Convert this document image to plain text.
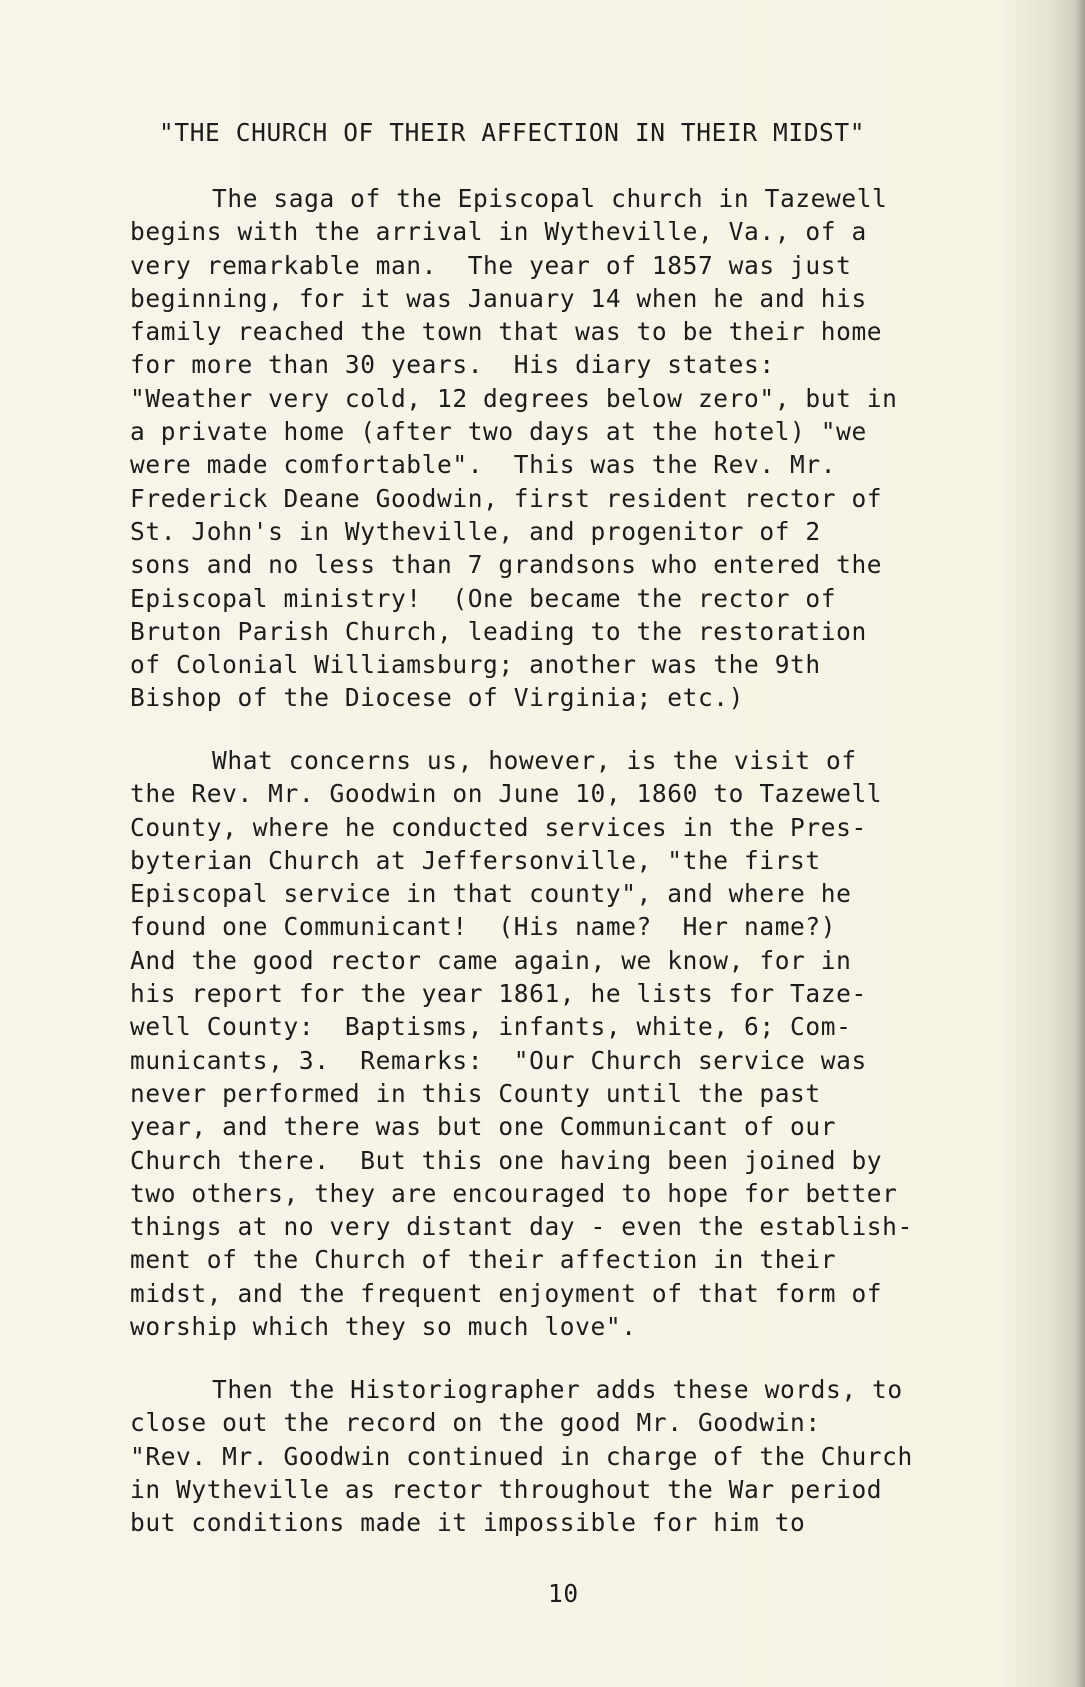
"THE CHURCH OF THEIR AFFECTION IN THEIR MIDST"
The saga of the Episcopal church in Tazewell
begins with the arrival in Wytheville, Va., of a
very remarkable man.  The year of 1857 was just
beginning, for it was January 14 when he and his
family reached the town that was to be their home
for more than 30 years.  His diary states:
"Weather very cold, 12 degrees below zero", but in
a private home (after two days at the hotel) "we
were made comfortable".  This was the Rev. Mr.
Frederick Deane Goodwin, first resident rector of
St. John's in Wytheville, and progenitor of 2
sons and no less than 7 grandsons who entered the
Episcopal ministry!  (One became the rector of
Bruton Parish Church, leading to the restoration
of Colonial Williamsburg; another was the 9th
Bishop of the Diocese of Virginia; etc.)
What concerns us, however, is the visit of
the Rev. Mr. Goodwin on June 10, 1860 to Tazewell
County, where he conducted services in the Pres-
byterian Church at Jeffersonville, "the first
Episcopal service in that county", and where he
found one Communicant!  (His name?  Her name?)
And the good rector came again, we know, for in
his report for the year 1861, he lists for Taze-
well County:  Baptisms, infants, white, 6; Com-
municants, 3.  Remarks:  "Our Church service was
never performed in this County until the past
year, and there was but one Communicant of our
Church there.  But this one having been joined by
two others, they are encouraged to hope for better
things at no very distant day - even the establish-
ment of the Church of their affection in their
midst, and the frequent enjoyment of that form of
worship which they so much love".
Then the Historiographer adds these words, to
close out the record on the good Mr. Goodwin:
"Rev. Mr. Goodwin continued in charge of the Church
in Wytheville as rector throughout the War period
but conditions made it impossible for him to
10
